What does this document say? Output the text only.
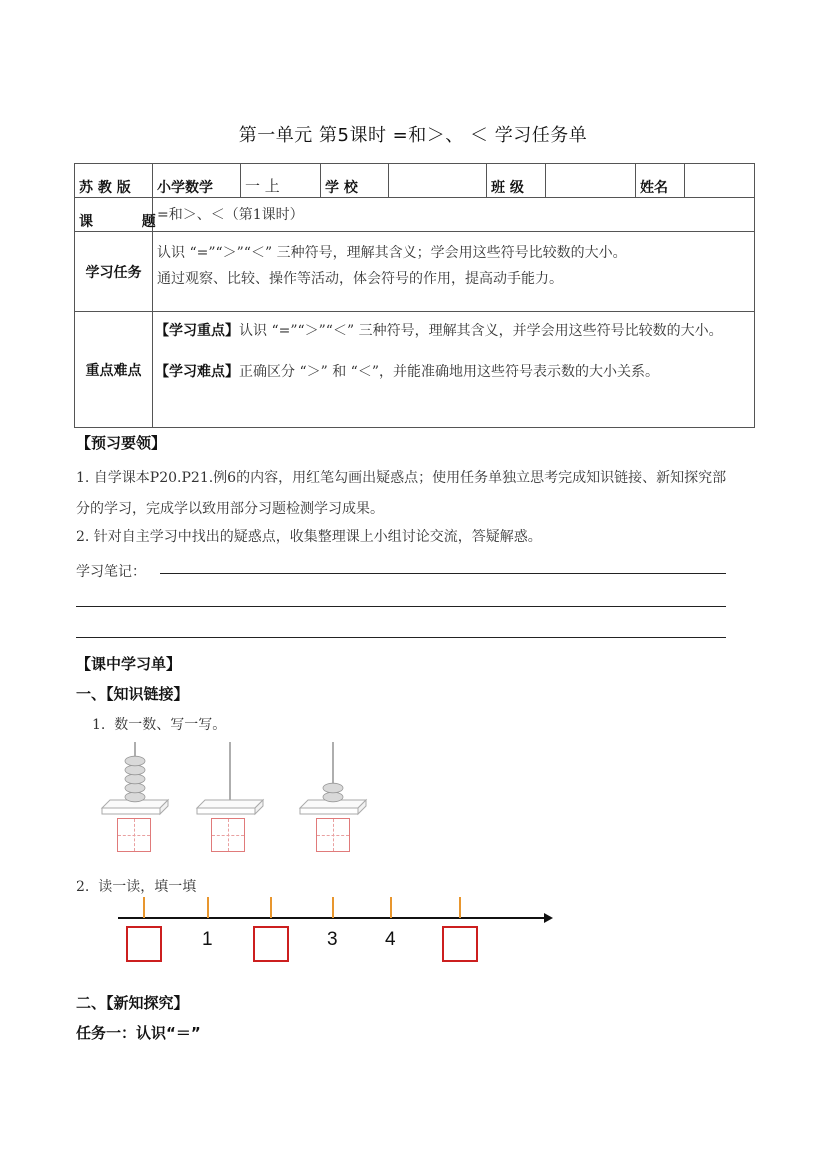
第一单元 第5课时 =和＞、 ＜ 学习任务单
苏 教 版	小学数学	一 上	学 校		班 级		姓名	
课          题	=和＞、＜（第1课时）							
学习任务	认识 “=”“＞”“＜” 三种符号，理解其含义；学会用这些符号比较数的大小。
通过观察、比较、操作等活动，体会符号的作用，提高动手能力。							

重点难点	【学习重点】认识 “=”“＞”“＜” 三种符号，理解其含义，并学会用这些符号比较数的大小。
【学习难点】正确区分 “＞” 和 “＜”，并能准确地用这些符号表示数的大小关系。							
【预习要领】
1. 自学课本P20.P21.例6的内容，用红笔勾画出疑惑点；使用任务单独立思考完成知识链接、新知探究部分的学习，完成学以致用部分习题检测学习成果。
2. 针对自主学习中找出的疑惑点，收集整理课上小组讨论交流，答疑解惑。
学习笔记：
【课中学习单】
一、【知识链接】
1.  数一数、写一写。
2.  读一读，填一填
1	3 4
二、【新知探究】
任务一：认识“＝”
